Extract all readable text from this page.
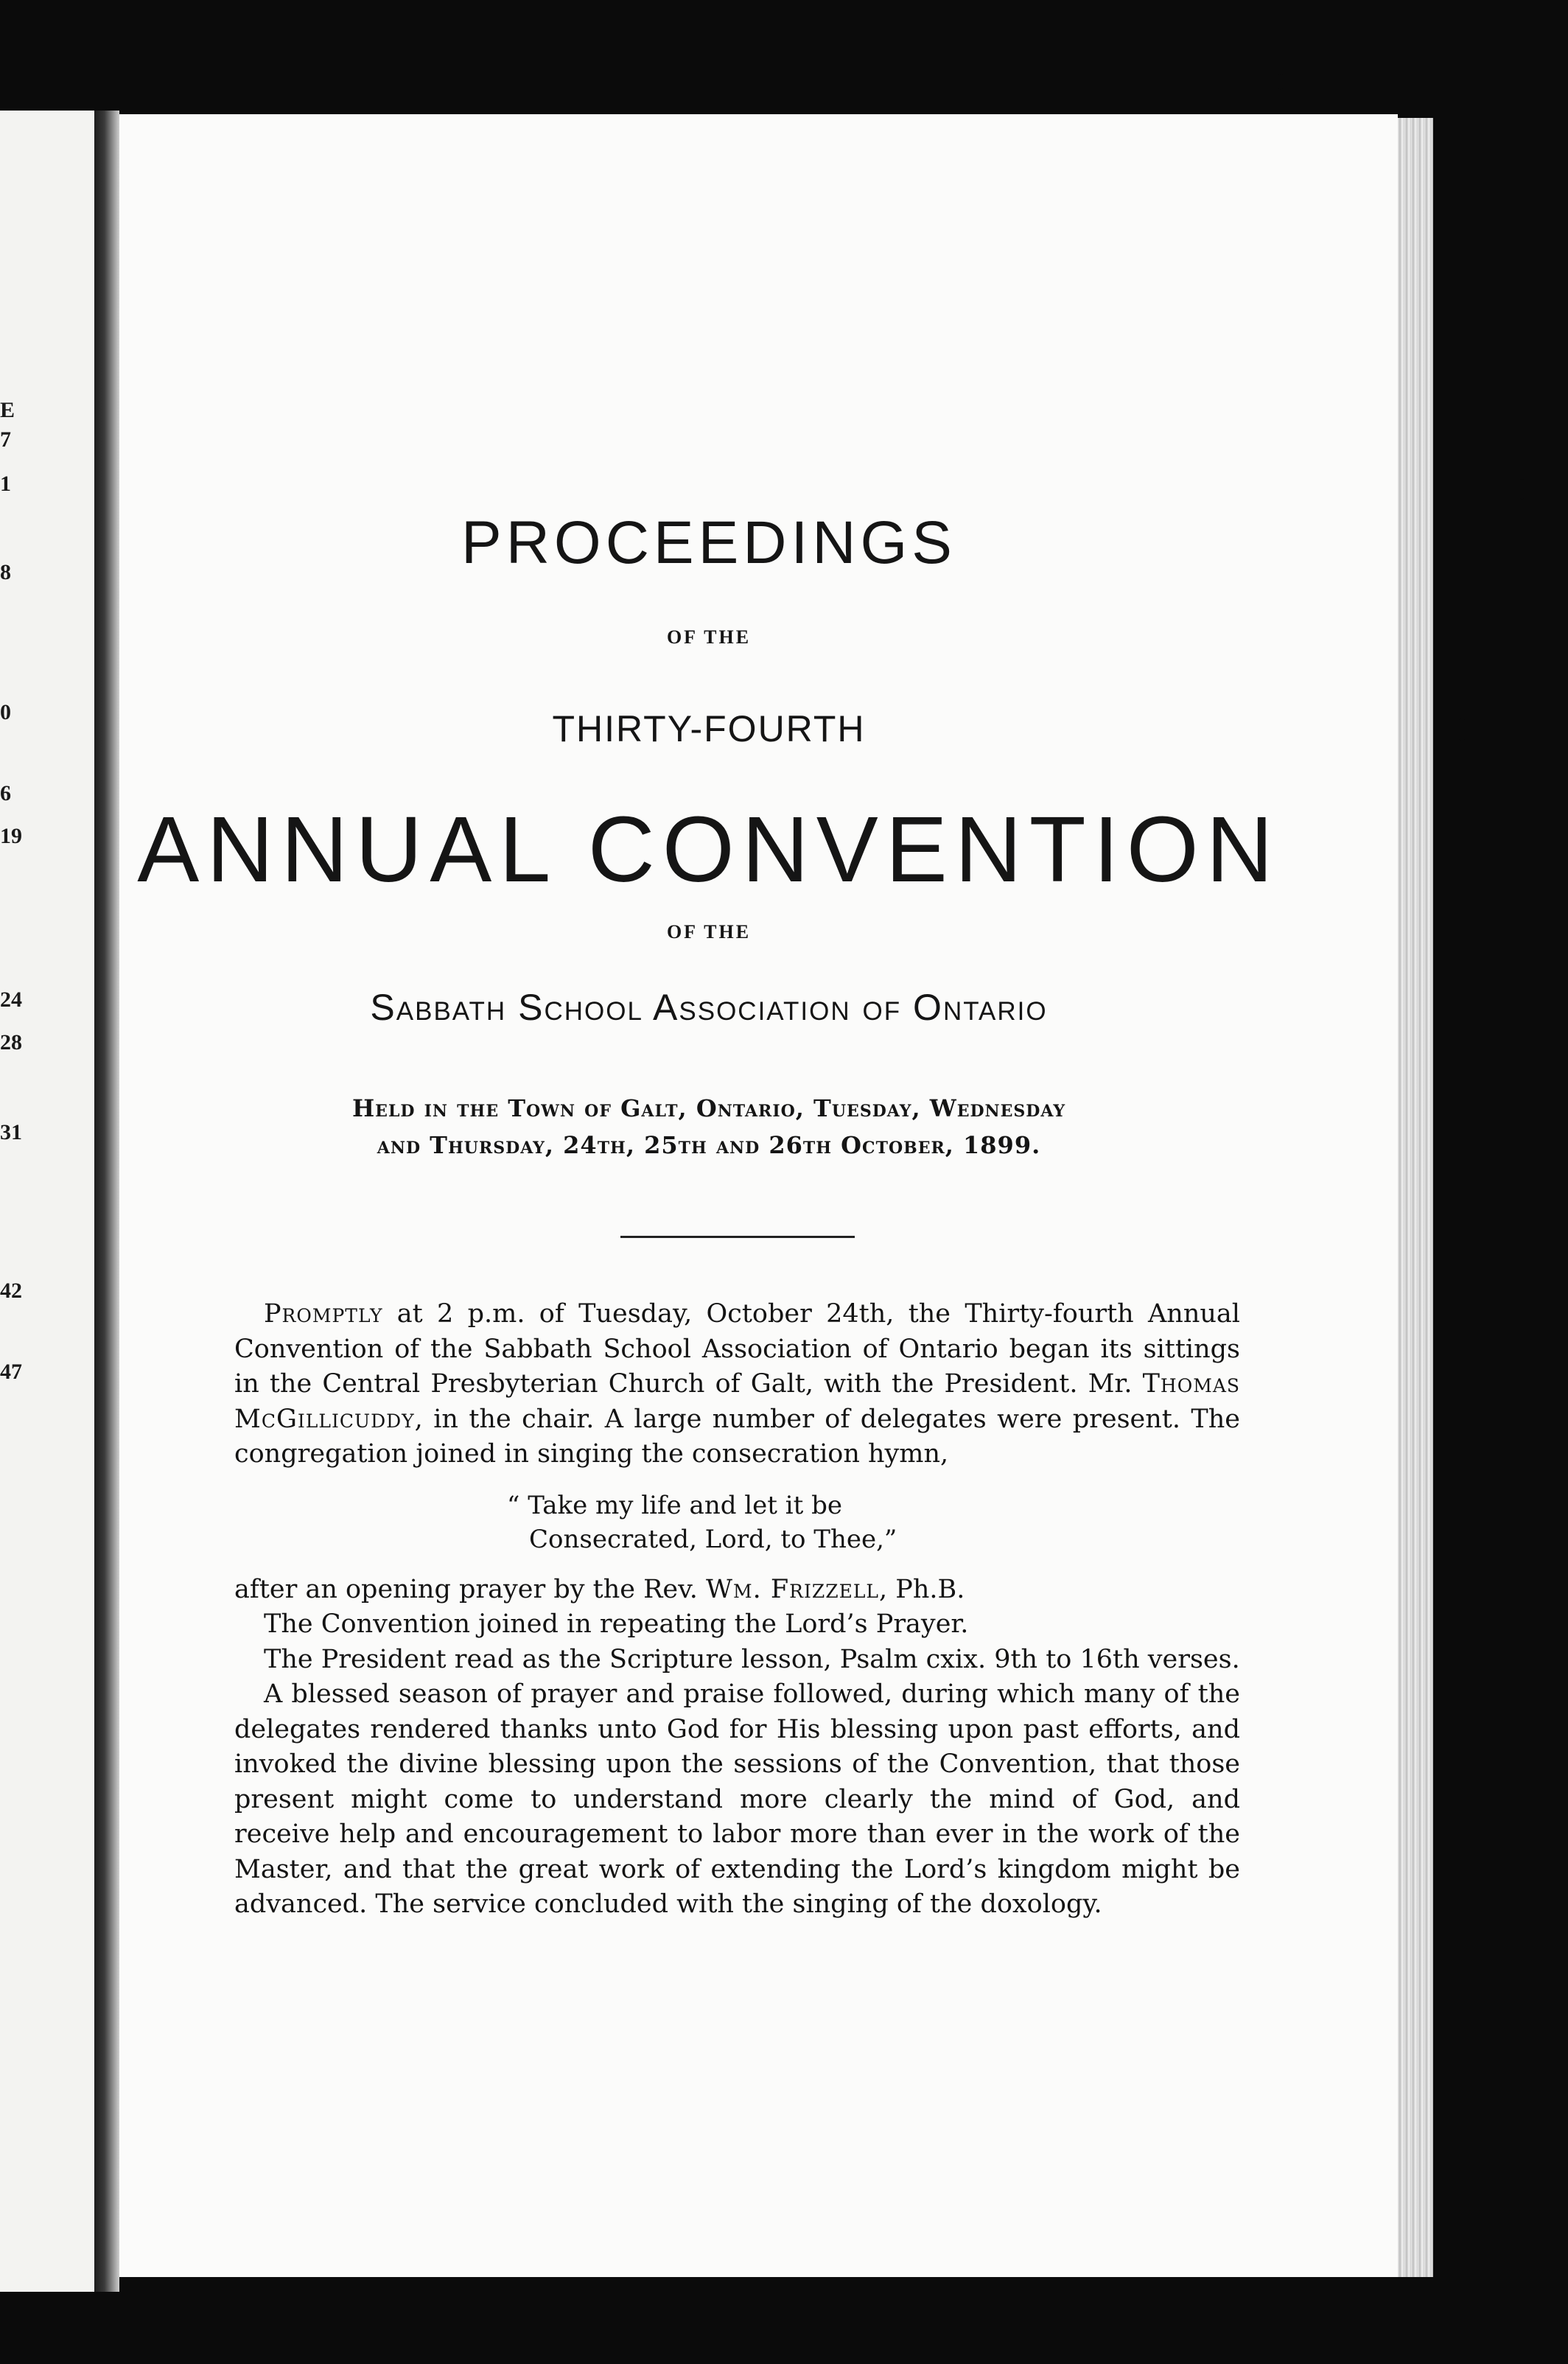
E
7
1
8
0
6
19
24
28
31
42
47
PROCEEDINGS
OF THE
THIRTY-FOURTH
ANNUAL CONVENTION
OF THE
Sabbath School Association of Ontario
Held in the Town of Galt, Ontario, Tuesday, Wednesday
and Thursday, 24th, 25th and 26th October, 1899.

Promptly at 2 p.m. of Tuesday, October 24th, the Thirty-fourth Annual Convention of the Sabbath School Association of Ontario began its sittings in the Central Presbyterian Church of Galt, with the President. Mr. Thomas McGillicuddy, in the chair. A large number of delegates were present. The congregation joined in singing the consecration hymn,

“ Take my life and let it be
Consecrated, Lord, to Thee,”

after an opening prayer by the Rev. Wm. Frizzell, Ph.B.

The Convention joined in repeating the Lord’s Prayer.

The President read as the Scripture lesson, Psalm cxix. 9th to 16th verses.

A blessed season of prayer and praise followed, during which many of the delegates rendered thanks unto God for His blessing upon past efforts, and invoked the divine blessing upon the sessions of the Convention, that those present might come to understand more clearly the mind of God, and receive help and encouragement to labor more than ever in the work of the Master, and that the great work of extending the Lord’s kingdom might be advanced. The service concluded with the singing of the doxology.
